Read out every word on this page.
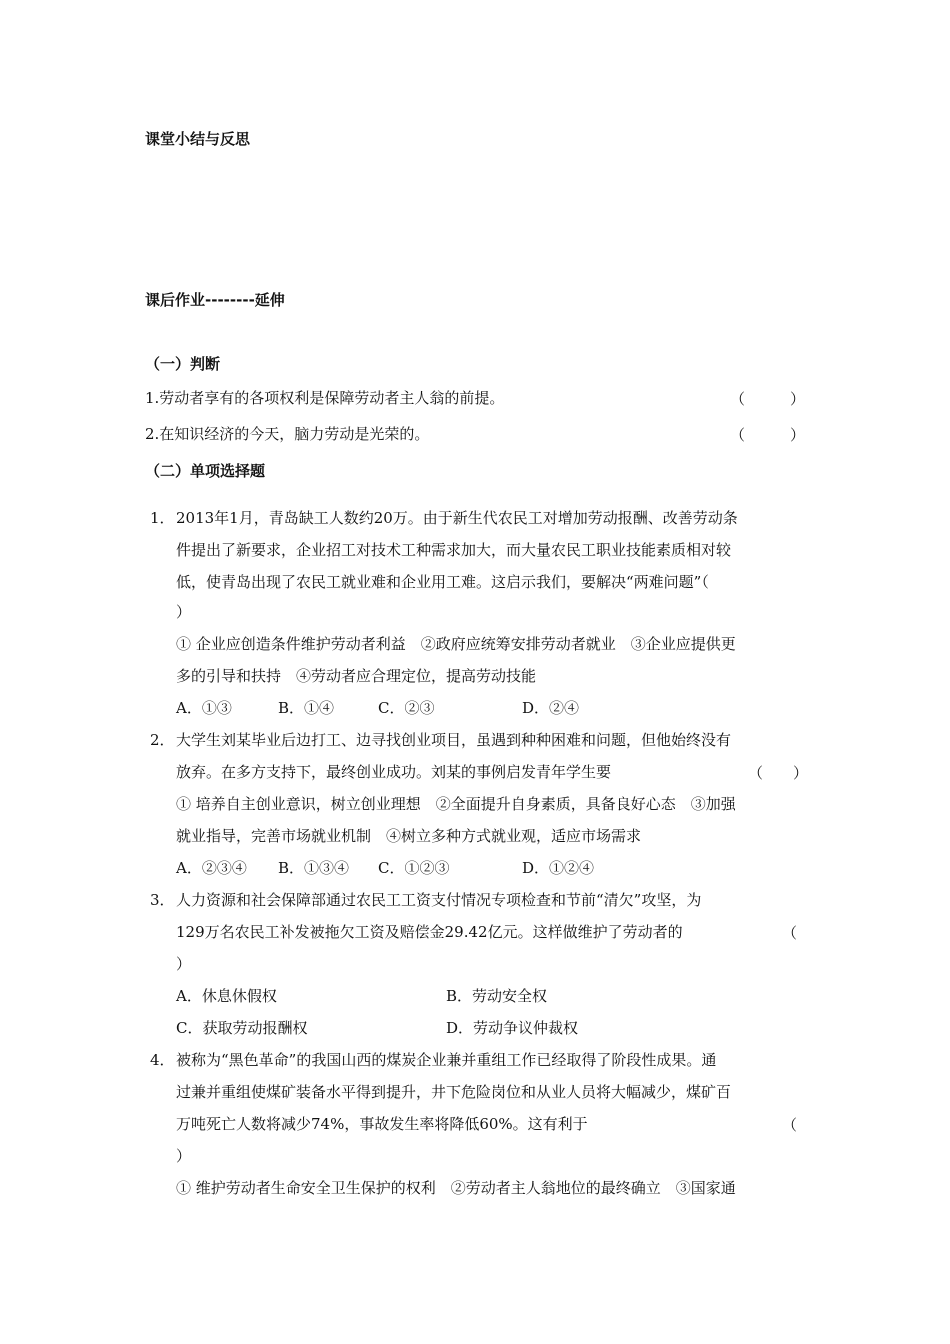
课堂小结与反思
课后作业--------延伸
（一）判断
1.劳动者享有的各项权利是保障劳动者主人翁的前提。	（　　　）
2.在知识经济的今天，脑力劳动是光荣的。	（　　　）
（二）单项选择题
1． 2013年1月，青岛缺工人数约20万。由于新生代农民工对增加劳动报酬、改善劳动条
件提出了新要求，企业招工对技术工种需求加大，而大量农民工职业技能素质相对较
低，使青岛出现了农民工就业难和企业用工难。这启示我们，要解决“两难问题”（
）
① 企业应创造条件维护劳动者利益　②政府应统筹安排劳动者就业　③企业应提供更
多的引导和扶持　④劳动者应合理定位，提高劳动技能
A．①③	B．①④	C．②③	D．②④
2． 大学生刘某毕业后边打工、边寻找创业项目，虽遇到种种困难和问题，但他始终没有
放弃。在多方支持下，最终创业成功。刘某的事例启发青年学生要	（　　）
① 培养自主创业意识，树立创业理想　②全面提升自身素质，具备良好心态　③加强
就业指导，完善市场就业机制　④树立多种方式就业观，适应市场需求
A．②③④ B．①③④ C．①②③	D．①②④
3． 人力资源和社会保障部通过农民工工资支付情况专项检查和节前“清欠”攻坚，为
129万名农民工补发被拖欠工资及赔偿金29.42亿元。这样做维护了劳动者的	（
）
A．休息休假权	B．劳动安全权
C．获取劳动报酬权	D．劳动争议仲裁权
4． 被称为“黑色革命”的我国山西的煤炭企业兼并重组工作已经取得了阶段性成果。通
过兼并重组使煤矿装备水平得到提升，井下危险岗位和从业人员将大幅减少，煤矿百
万吨死亡人数将减少74%，事故发生率将降低60%。这有利于	（
）
① 维护劳动者生命安全卫生保护的权利　②劳动者主人翁地位的最终确立　③国家通
